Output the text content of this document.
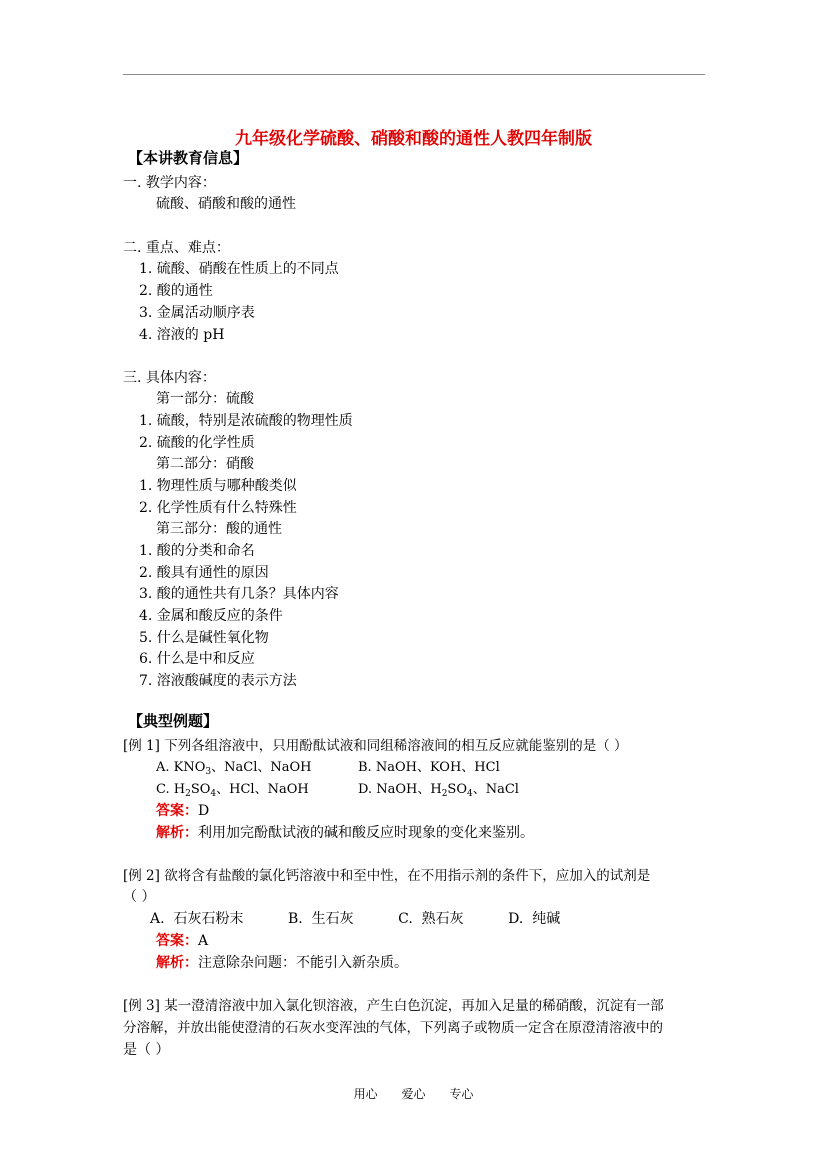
九年级化学硫酸、硝酸和酸的通性人教四年制版
【本讲教育信息】
一. 教学内容：
硫酸、硝酸和酸的通性
二. 重点、难点：
1. 硫酸、硝酸在性质上的不同点
2. 酸的通性
3. 金属活动顺序表
4. 溶液的 pH
三. 具体内容：
第一部分：硫酸
1. 硫酸，特别是浓硫酸的物理性质
2. 硫酸的化学性质
第二部分：硝酸
1. 物理性质与哪种酸类似
2. 化学性质有什么特殊性
第三部分：酸的通性
1. 酸的分类和命名
2. 酸具有通性的原因
3. 酸的通性共有几条？具体内容
4. 金属和酸反应的条件
5. 什么是碱性氧化物
6. 什么是中和反应
7. 溶液酸碱度的表示方法
【典型例题】
[例 1] 下列各组溶液中，只用酚酞试液和同组稀溶液间的相互反应就能鉴别的是（ ）
A. $KNO_3$、NaCl、NaOH	B. NaOH、KOH、HCl
C. $H_2SO_4$、HCl、NaOH	D. NaOH、$H_2SO_4$、NaCl
答案：D
解析：利用加完酚酞试液的碱和酸反应时现象的变化来鉴别。
[例 2] 欲将含有盐酸的氯化钙溶液中和至中性，在不用指示剂的条件下，应加入的试剂是
（ ）
A.  石灰石粉末          B.  生石灰          C.  熟石灰          D.  纯碱
答案：A
解析：注意除杂问题：不能引入新杂质。
[例 3] 某一澄清溶液中加入氯化钡溶液，产生白色沉淀，再加入足量的稀硝酸，沉淀有一部
分溶解，并放出能使澄清的石灰水变浑浊的气体，下列离子或物质一定含在原澄清溶液中的
是（ ）
用心 爱心 专心
